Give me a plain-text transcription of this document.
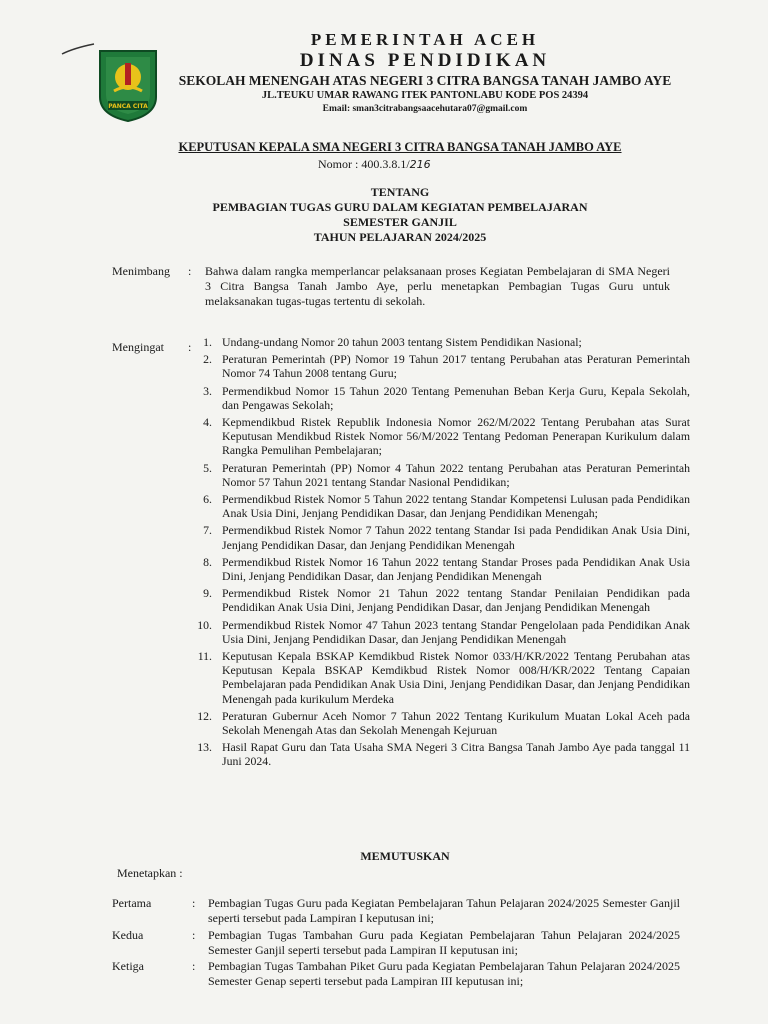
PANCA CITA
PEMERINTAH ACEH
DINAS PENDIDIKAN
SEKOLAH MENENGAH ATAS NEGERI 3 CITRA BANGSA TANAH JAMBO AYE
JL.TEUKU UMAR RAWANG ITEK PANTONLABU KODE POS 24394
Email: sman3citrabangsaacehutara07@gmail.com
KEPUTUSAN KEPALA SMA NEGERI 3 CITRA BANGSA TANAH JAMBO AYE
Nomor : 400.3.8.1/216
TENTANG
PEMBAGIAN TUGAS GURU DALAM KEGIATAN PEMBELAJARAN
SEMESTER GANJIL
TAHUN PELAJARAN 2024/2025
Menimbang : Bahwa dalam rangka memperlancar pelaksanaan proses Kegiatan Pembelajaran di SMA Negeri 3 Citra Bangsa Tanah Jambo Aye, perlu menetapkan Pembagian Tugas Guru untuk melaksanakan tugas-tugas tertentu di sekolah.
Mengingat : 1. Undang-undang Nomor 20 tahun 2003 tentang Sistem Pendidikan Nasional;
2. Peraturan Pemerintah (PP) Nomor 19 Tahun 2017 tentang Perubahan atas Peraturan Pemerintah Nomor 74 Tahun 2008 tentang Guru;
3. Permendikbud Nomor 15 Tahun 2020 Tentang Pemenuhan Beban Kerja Guru, Kepala Sekolah, dan Pengawas Sekolah;
4. Kepmendikbud Ristek Republik Indonesia Nomor 262/M/2022 Tentang Perubahan atas Surat Keputusan Mendikbud Ristek Nomor 56/M/2022 Tentang Pedoman Penerapan Kurikulum dalam Rangka Pemulihan Pembelajaran;
5. Peraturan Pemerintah (PP) Nomor 4 Tahun 2022 tentang Perubahan atas Peraturan Pemerintah Nomor 57 Tahun 2021 tentang Standar Nasional Pendidikan;
6. Permendikbud Ristek Nomor 5 Tahun 2022 tentang Standar Kompetensi Lulusan pada Pendidikan Anak Usia Dini, Jenjang Pendidikan Dasar, dan Jenjang Pendidikan Menengah;
7. Permendikbud Ristek Nomor 7 Tahun 2022 tentang Standar Isi pada Pendidikan Anak Usia Dini, Jenjang Pendidikan Dasar, dan Jenjang Pendidikan Menengah
8. Permendikbud Ristek Nomor 16 Tahun 2022 tentang Standar Proses pada Pendidikan Anak Usia Dini, Jenjang Pendidikan Dasar, dan Jenjang Pendidikan Menengah
9. Permendikbud Ristek Nomor 21 Tahun 2022 tentang Standar Penilaian Pendidikan pada Pendidikan Anak Usia Dini, Jenjang Pendidikan Dasar, dan Jenjang Pendidikan Menengah
10. Permendikbud Ristek Nomor 47 Tahun 2023 tentang Standar Pengelolaan pada Pendidikan Anak Usia Dini, Jenjang Pendidikan Dasar, dan Jenjang Pendidikan Menengah
11. Keputusan Kepala BSKAP Kemdikbud Ristek Nomor 033/H/KR/2022 Tentang Perubahan atas Keputusan Kepala BSKAP Kemdikbud Ristek Nomor 008/H/KR/2022 Tentang Capaian Pembelajaran pada Pendidikan Anak Usia Dini, Jenjang Pendidikan Dasar, dan Jenjang Pendidikan Menengah pada kurikulum Merdeka
12. Peraturan Gubernur Aceh Nomor 7 Tahun 2022 Tentang Kurikulum Muatan Lokal Aceh pada Sekolah Menengah Atas dan Sekolah Menengah Kejuruan
13. Hasil Rapat Guru dan Tata Usaha SMA Negeri 3 Citra Bangsa Tanah Jambo Aye pada tanggal 11 Juni 2024.
MEMUTUSKAN
Menetapkan :
Pertama	: Pembagian Tugas Guru pada Kegiatan Pembelajaran Tahun Pelajaran 2024/2025 Semester Ganjil seperti tersebut pada Lampiran I keputusan ini;
Kedua	: Pembagian Tugas Tambahan Guru pada Kegiatan Pembelajaran Tahun Pelajaran 2024/2025 Semester Ganjil seperti tersebut pada Lampiran II keputusan ini;
Ketiga	: Pembagian Tugas Tambahan Piket Guru pada Kegiatan Pembelajaran Tahun Pelajaran 2024/2025 Semester Genap seperti tersebut pada Lampiran III keputusan ini;
